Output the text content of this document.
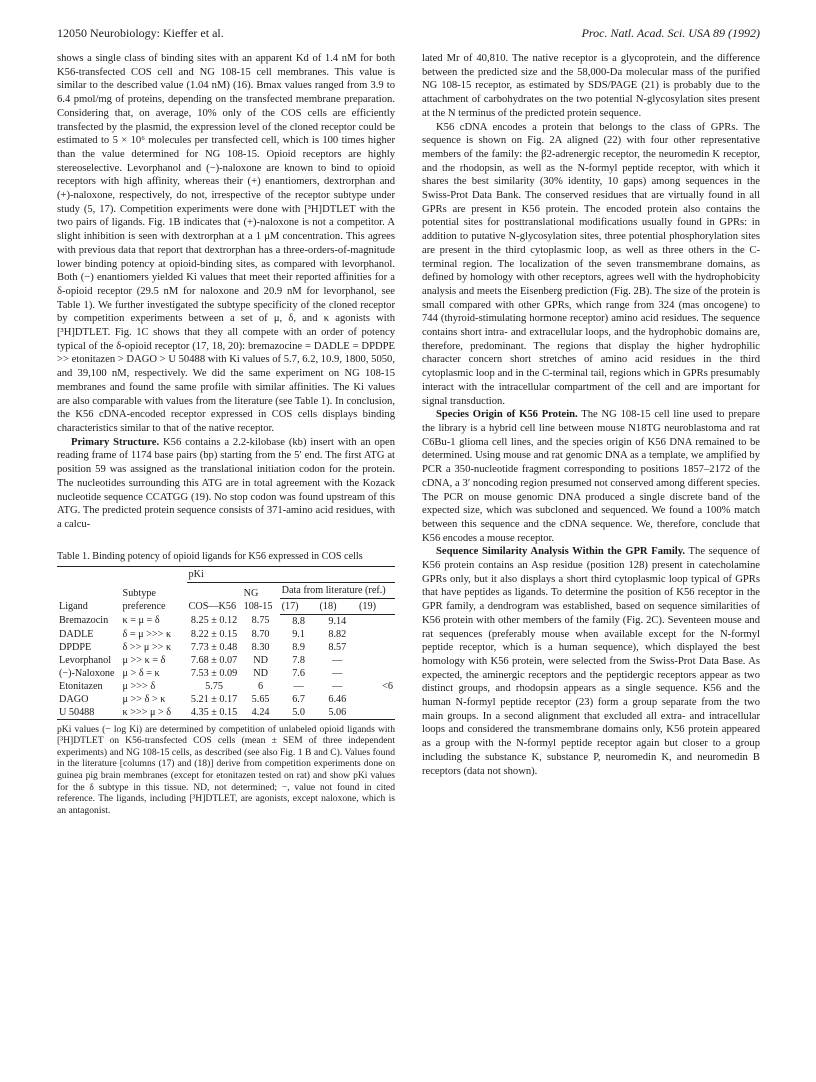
12050 Neurobiology: Kieffer et al.	Proc. Natl. Acad. Sci. USA 89 (1992)

shows a single class of binding sites with an apparent Kd of 1.4 nM for both K56-transfected COS cell and NG 108-15 cell membranes. This value is similar to the described value (1.04 nM) (16). Bmax values ranged from 3.9 to 6.4 pmol/mg of proteins, depending on the transfected membrane preparation. Considering that, on average, 10% only of the COS cells are efficiently transfected by the plasmid, the expression level of the cloned receptor could be estimated to 5 × 10⁶ molecules per transfected cell, which is 100 times higher than the value determined for NG 108-15. Opioid receptors are highly stereoselective. Levorphanol and (−)-naloxone are known to bind to opioid receptors with high affinity, whereas their (+) enantiomers, dextrorphan and (+)-naloxone, respectively, do not, irrespective of the receptor subtype under study (5, 17). Competition experiments were done with [³H]DTLET with the two pairs of ligands. Fig. 1B indicates that (+)-naloxone is not a competitor. A slight inhibition is seen with dextrorphan at a 1 μM concentration. This agrees with previous data that report that dextrorphan has a three-orders-of-magnitude lower binding potency at opioid-binding sites, as compared with levorphanol. Both (−) enantiomers yielded Ki values that meet their reported affinities for a δ-opioid receptor (29.5 nM for naloxone and 20.9 nM for levorphanol, see Table 1). We further investigated the subtype specificity of the cloned receptor by competition experiments between a set of μ, δ, and κ agonists with [³H]DTLET. Fig. 1C shows that they all compete with an order of potency typical of the δ-opioid receptor (17, 18, 20): bremazocine = DADLE = DPDPE >> etonitazen > DAGO > U 50488 with Ki values of 5.7, 6.2, 10.9, 1800, 5050, and 39,100 nM, respectively. We did the same experiment on NG 108-15 membranes and found the same profile with similar affinities. The Ki values are also comparable with values from the literature (see Table 1). In conclusion, the K56 cDNA-encoded receptor expressed in COS cells displays binding characteristics similar to that of the native receptor.

Primary Structure. K56 contains a 2.2-kilobase (kb) insert with an open reading frame of 1174 base pairs (bp) starting from the 5′ end. The first ATG at position 59 was assigned as the translational initiation codon for the protein. The nucleotides surrounding this ATG are in total agreement with the Kozack nucleotide sequence CCATGG (19). No stop codon was found upstream of this ATG. The predicted protein sequence consists of 371-amino acid residues, with a calcu-

Table 1. Binding potency of opioid ligands for K56 expressed in COS cells
Ligand	Subtype preference	pKi				
		COS—K56	NG 108-15	Data from literature (ref.)		
				(17)	(18)	(19)
Bremazocin	κ = μ = δ	8.25 ± 0.12	8.75	8.8	9.14	
DADLE	δ = μ >>> κ	8.22 ± 0.15	8.70	9.1	8.82	
DPDPE	δ >> μ >> κ	7.73 ± 0.48	8.30	8.9	8.57	
Levorphanol	μ >> κ = δ	7.68 ± 0.07	ND	7.8	—	
(−)-Naloxone	μ > δ = κ	7.53 ± 0.09	ND	7.6	—	
Etonitazen	μ >>> δ	5.75	6	—	—	<6
DAGO	μ >> δ > κ	5.21 ± 0.17	5.65	6.7	6.46	
U 50488	κ >>> μ > δ	4.35 ± 0.15	4.24	5.0	5.06	
pKi values (− log Ki) are determined by competition of unlabeled opioid ligands with [³H]DTLET on K56-transfected COS cells (mean ± SEM of three independent experiments) and NG 108-15 cells, as described (see also Fig. 1 B and C). Values found in the literature [columns (17) and (18)] derive from competition experiments done on guinea pig brain membranes (except for etonitazen tested on rat) and show pKi values for the δ subtype in this tissue. ND, not determined; −, value not found in cited reference. The ligands, including [³H]DTLET, are agonists, except naloxone, which is an antagonist.

lated Mr of 40,810. The native receptor is a glycoprotein, and the difference between the predicted size and the 58,000-Da molecular mass of the purified NG 108-15 receptor, as estimated by SDS/PAGE (21) is probably due to the attachment of carbohydrates on the two potential N-glycosylation sites present at the N terminus of the predicted protein sequence.

K56 cDNA encodes a protein that belongs to the class of GPRs. The sequence is shown on Fig. 2A aligned (22) with four other representative members of the family: the β2-adrenergic receptor, the neuromedin K receptor, and the rhodopsin, as well as the N-formyl peptide receptor, with which it shares the best similarity (30% identity, 10 gaps) among sequences in the Swiss-Prot Data Bank. The conserved residues that are virtually found in all GPRs are present in K56 protein. The encoded protein also contains the potential sites for posttranslational modifications usually found in GPRs: in addition to putative N-glycosylation sites, three potential phosphorylation sites are present in the third cytoplasmic loop, as well as three others in the C-terminal region. The localization of the seven transmembrane domains, as defined by homology with other receptors, agrees well with the hydrophobicity analysis and meets the Eisenberg prediction (Fig. 2B). The size of the protein is small compared with other GPRs, which range from 324 (mas oncogene) to 744 (thyroid-stimulating hormone receptor) amino acid residues. The sequence contains short intra- and extracellular loops, and the hydrophobic domains are, therefore, predominant. The regions that display the higher hydrophilic character concern short stretches of amino acid residues in the third cytoplasmic loop and in the C-terminal tail, regions which in GPRs presumably interact with the intracellular compartment of the cell and are important for signal transduction.

Species Origin of K56 Protein. The NG 108-15 cell line used to prepare the library is a hybrid cell line between mouse N18TG neuroblastoma and rat C6Bu-1 glioma cell lines, and the species origin of K56 DNA remained to be determined. Using mouse and rat genomic DNA as a template, we amplified by PCR a 350-nucleotide fragment corresponding to positions 1857–2172 of the cDNA, a 3′ noncoding region presumed not conserved among different species. The PCR on mouse genomic DNA produced a single discrete band of the expected size, which was subcloned and sequenced. We found a 100% match between this sequence and the cDNA sequence. We, therefore, conclude that K56 encodes a mouse receptor.

Sequence Similarity Analysis Within the GPR Family. The sequence of K56 protein contains an Asp residue (position 128) present in catecholamine GPRs only, but it also displays a short third cytoplasmic loop typical of GPRs that have peptides as ligands. To determine the position of K56 receptor in the GPR family, a dendrogram was established, based on sequence similarities of K56 protein with other members of the family (Fig. 2C). Seventeen mouse and rat sequences (preferably mouse when available except for the N-formyl peptide receptor, which is a human sequence), which displayed the best homology with K56 protein, were selected from the Swiss-Prot Data Base. As expected, the aminergic receptors and the peptidergic receptors appear as two distinct groups, and rhodopsin appears as a single sequence. K56 and the human N-formyl peptide receptor (23) form a group separate from the two main groups. In a second alignment that excluded all extra- and intracellular loops and considered the transmembrane domains only, K56 protein appeared as a group with the N-formyl peptide receptor again but closer to a group including the substance K, substance P, neuromedin K, and neuromedin B receptors (data not shown).
